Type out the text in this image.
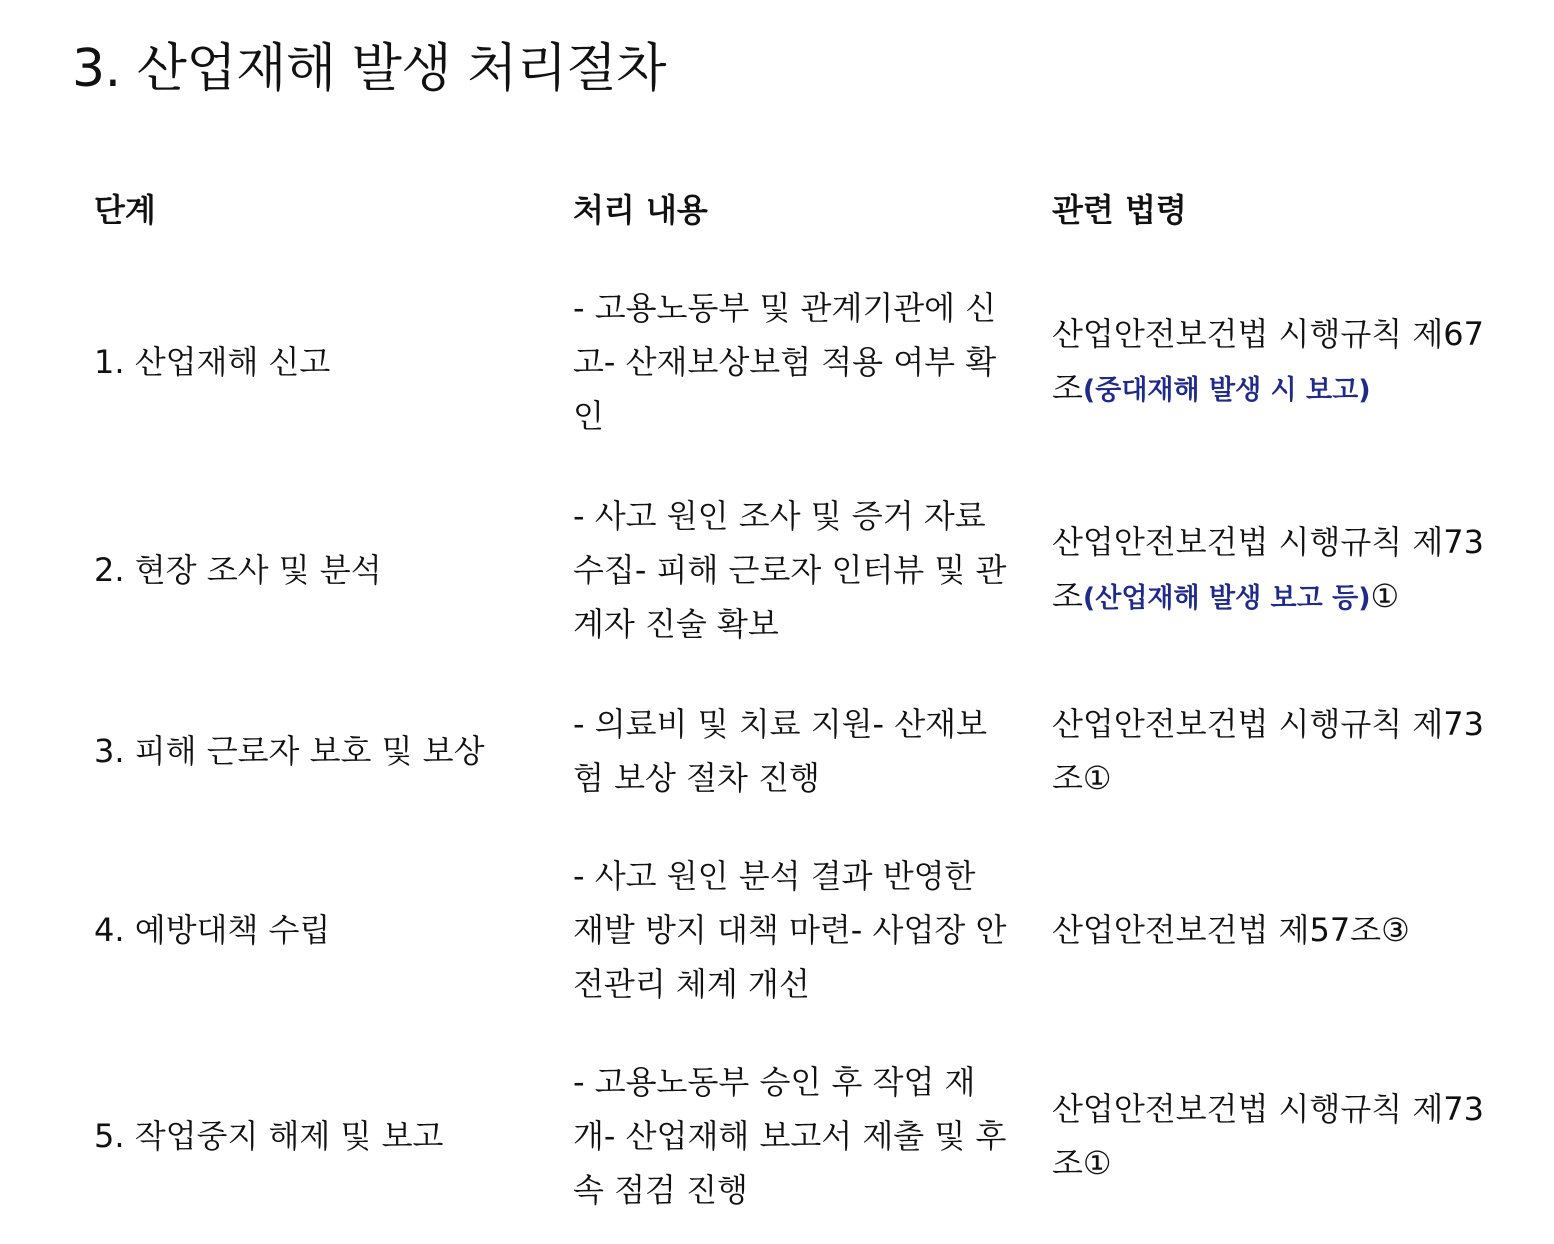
3. 산업재해 발생 처리절차
단계	처리 내용	관련 법령
1. 산업재해 신고
- 고용노동부 및 관계기관에 신고- 산재보상보험 적용 여부 확인
산업안전보건법 시행규칙 제67조(중대재해 발생 시 보고)
2. 현장 조사 및 분석
- 사고 원인 조사 및 증거 자료 수집- 피해 근로자 인터뷰 및 관계자 진술 확보
산업안전보건법 시행규칙 제73조(산업재해 발생 보고 등)①
3. 피해 근로자 보호 및 보상
- 의료비 및 치료 지원- 산재보험 보상 절차 진행
산업안전보건법 시행규칙 제73조①
4. 예방대책 수립
- 사고 원인 분석 결과 반영한 재발 방지 대책 마련- 사업장 안전관리 체계 개선
산업안전보건법 제57조③
5. 작업중지 해제 및 보고
- 고용노동부 승인 후 작업 재개- 산업재해 보고서 제출 및 후속 점검 진행
산업안전보건법 시행규칙 제73조①
